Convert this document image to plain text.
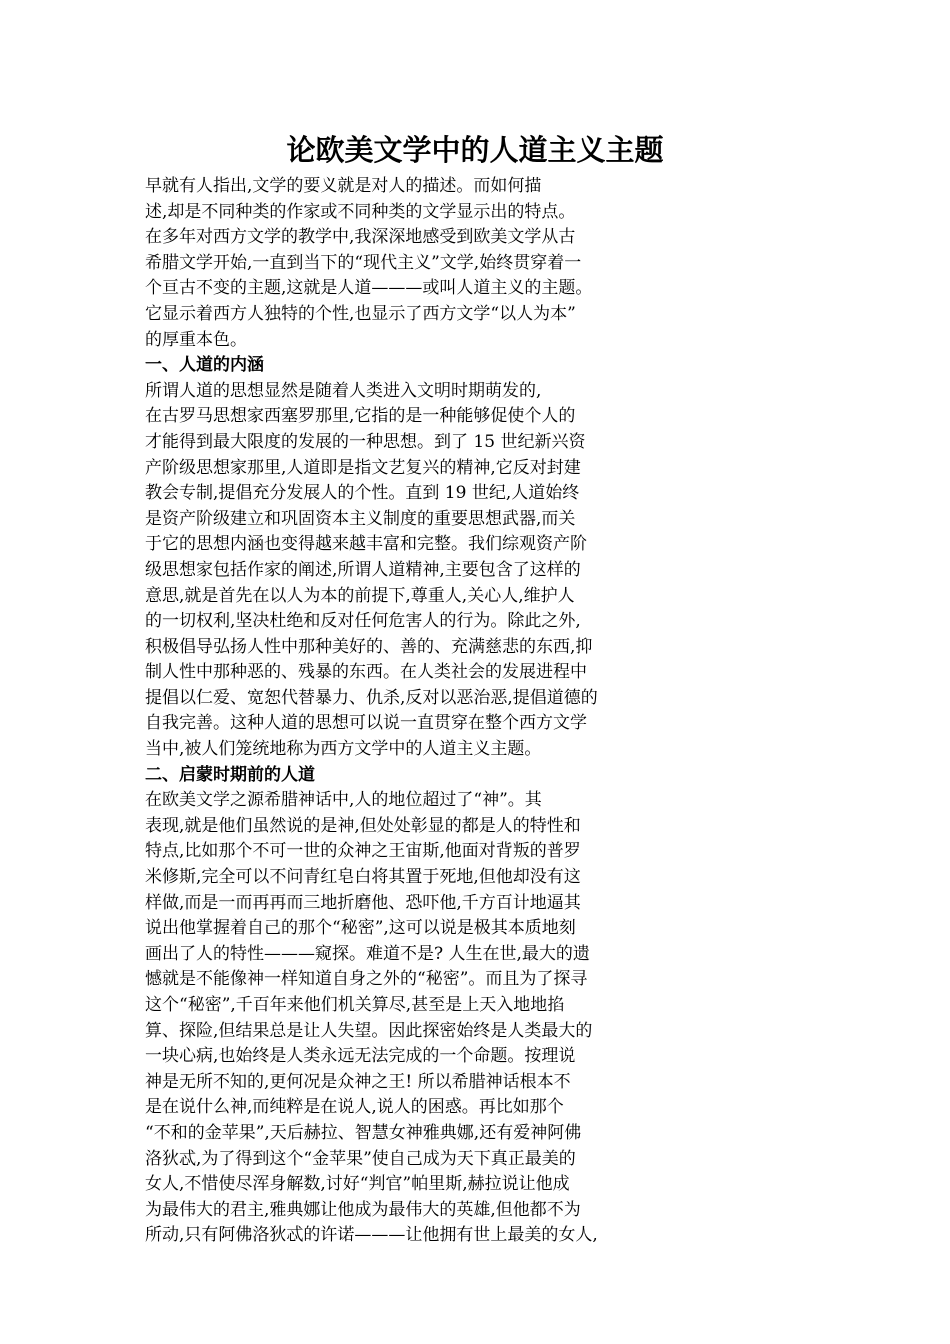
论欧美文学中的人道主义主题
早就有人指出,文学的要义就是对人的描述。而如何描
述,却是不同种类的作家或不同种类的文学显示出的特点。
在多年对西方文学的教学中,我深深地感受到欧美文学从古
希腊文学开始,一直到当下的“现代主义”文学,始终贯穿着一
个亘古不变的主题,这就是人道———或叫人道主义的主题。
它显示着西方人独特的个性,也显示了西方文学“以人为本”
的厚重本色。
一、人道的内涵
所谓人道的思想显然是随着人类进入文明时期萌发的,
在古罗马思想家西塞罗那里,它指的是一种能够促使个人的
才能得到最大限度的发展的一种思想。到了 15 世纪新兴资
产阶级思想家那里,人道即是指文艺复兴的精神,它反对封建
教会专制,提倡充分发展人的个性。直到 19 世纪,人道始终
是资产阶级建立和巩固资本主义制度的重要思想武器,而关
于它的思想内涵也变得越来越丰富和完整。我们综观资产阶
级思想家包括作家的阐述,所谓人道精神,主要包含了这样的
意思,就是首先在以人为本的前提下,尊重人,关心人,维护人
的一切权利,坚决杜绝和反对任何危害人的行为。除此之外,
积极倡导弘扬人性中那种美好的、善的、充满慈悲的东西,抑
制人性中那种恶的、残暴的东西。在人类社会的发展进程中
提倡以仁爱、宽恕代替暴力、仇杀,反对以恶治恶,提倡道德的
自我完善。这种人道的思想可以说一直贯穿在整个西方文学
当中,被人们笼统地称为西方文学中的人道主义主题。
二、启蒙时期前的人道
在欧美文学之源希腊神话中,人的地位超过了“神”。其
表现,就是他们虽然说的是神,但处处彰显的都是人的特性和
特点,比如那个不可一世的众神之王宙斯,他面对背叛的普罗
米修斯,完全可以不问青红皂白将其置于死地,但他却没有这
样做,而是一而再再而三地折磨他、恐吓他,千方百计地逼其
说出他掌握着自己的那个“秘密”,这可以说是极其本质地刻
画出了人的特性———窥探。难道不是? 人生在世,最大的遗
憾就是不能像神一样知道自身之外的“秘密”。而且为了探寻
这个“秘密”,千百年来他们机关算尽,甚至是上天入地地掐
算、探险,但结果总是让人失望。因此探密始终是人类最大的
一块心病,也始终是人类永远无法完成的一个命题。按理说
神是无所不知的,更何况是众神之王! 所以希腊神话根本不
是在说什么神,而纯粹是在说人,说人的困惑。再比如那个
“不和的金苹果”,天后赫拉、智慧女神雅典娜,还有爱神阿佛
洛狄忒,为了得到这个“金苹果”使自己成为天下真正最美的
女人,不惜使尽浑身解数,讨好“判官”帕里斯,赫拉说让他成
为最伟大的君主,雅典娜让他成为最伟大的英雄,但他都不为
所动,只有阿佛洛狄忒的许诺———让他拥有世上最美的女人,
